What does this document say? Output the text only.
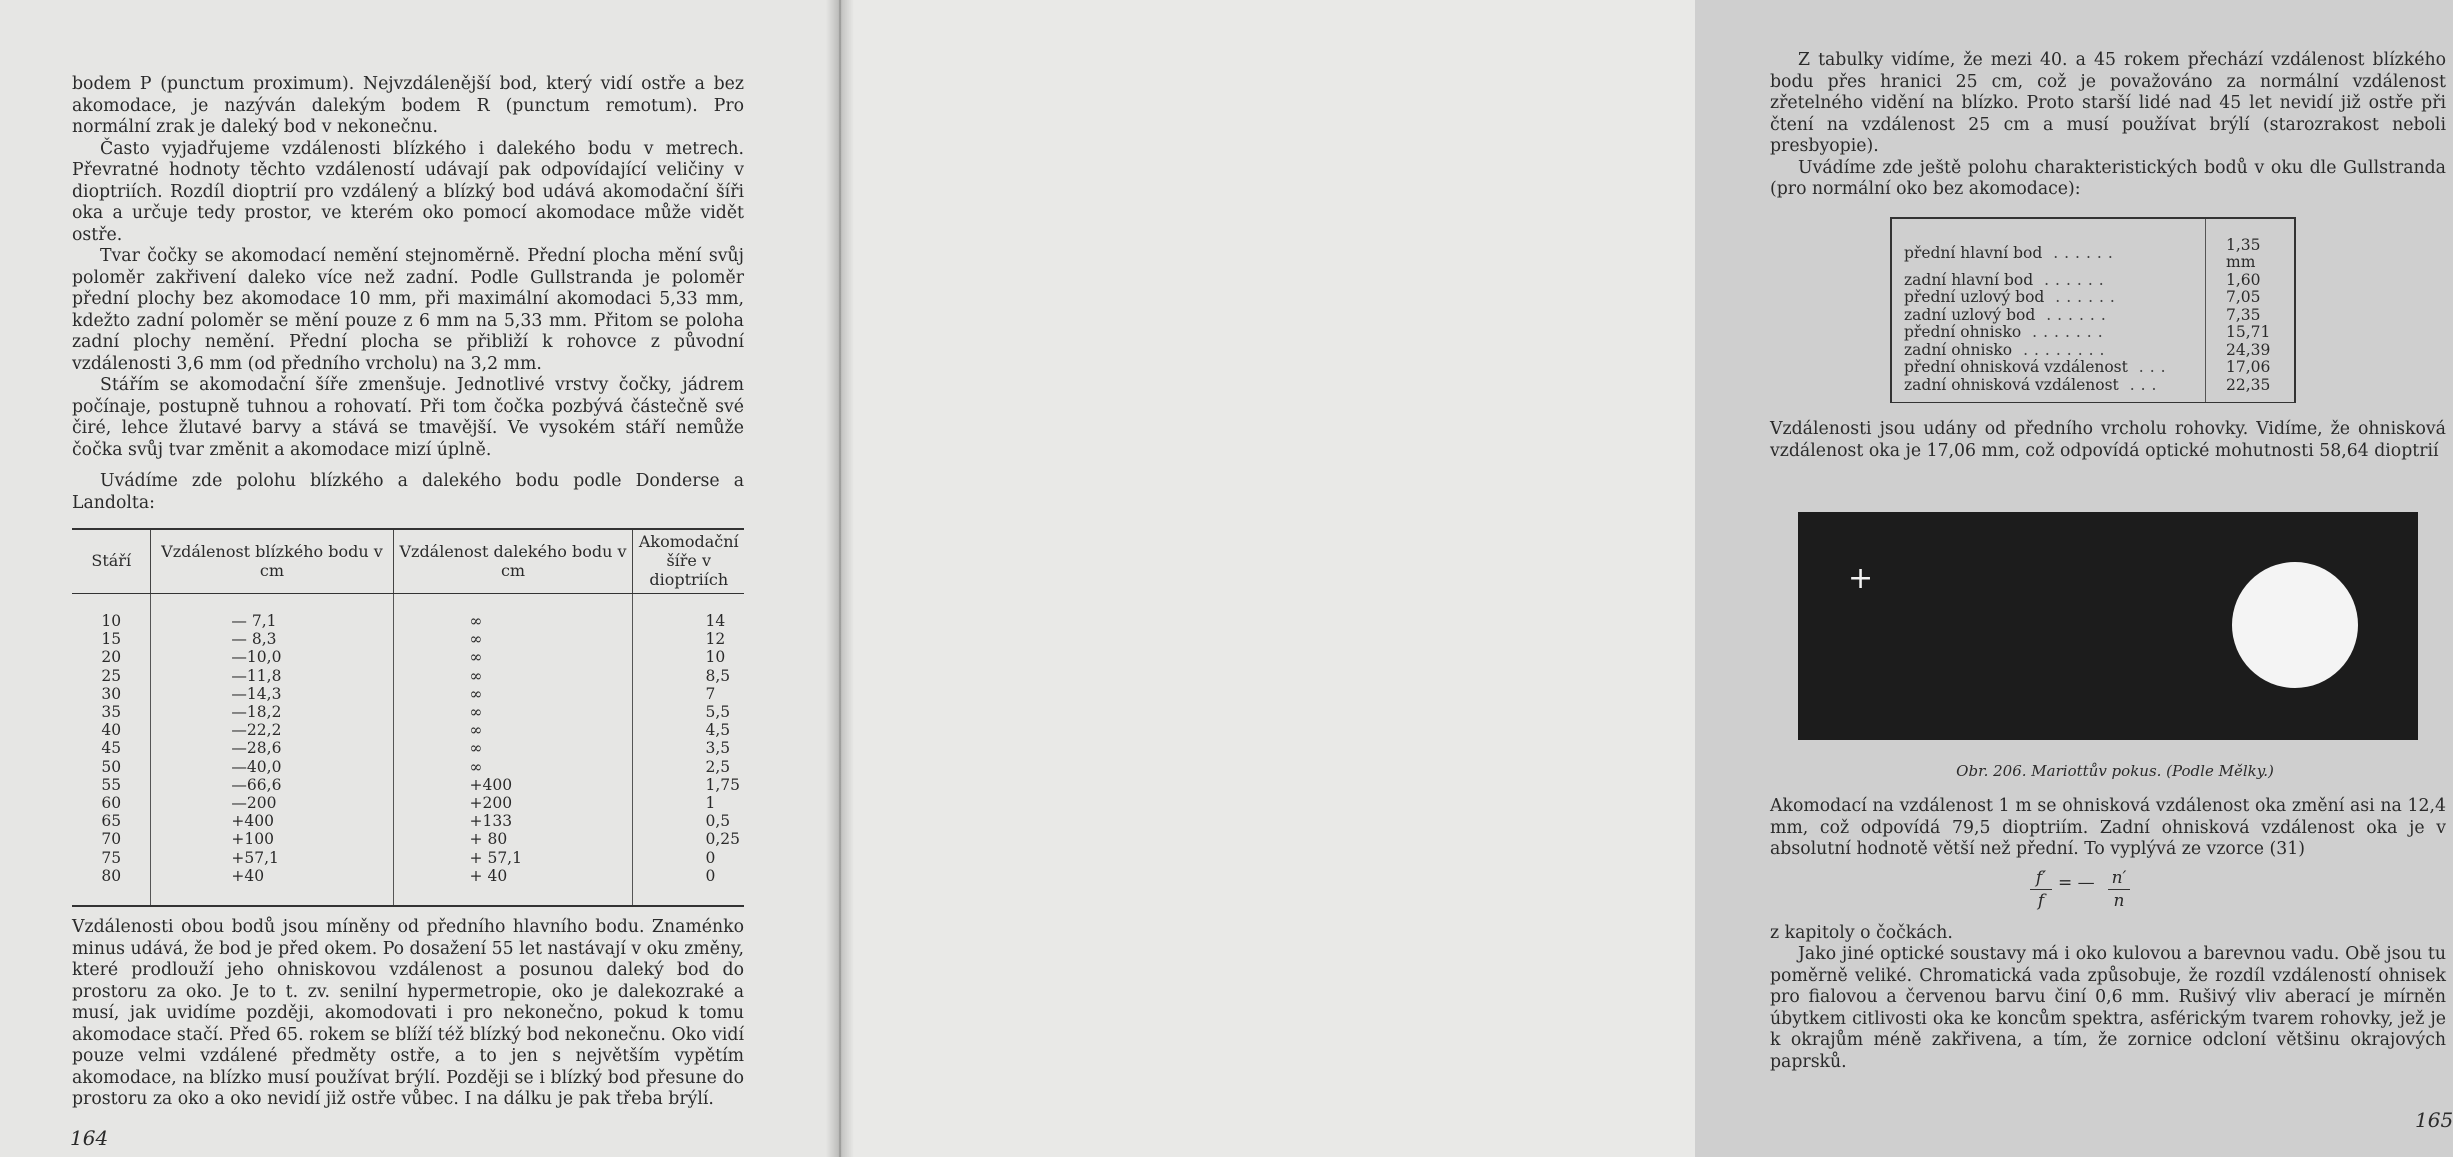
bodem P (punctum proximum). Nejvzdálenější bod, který vidí ostře a bez akomodace, je nazýván dalekým bodem R (punctum remotum). Pro normální zrak je daleký bod v nekonečnu.

Často vyjadřujeme vzdálenosti blízkého i dalekého bodu v metrech. Převratné hodnoty těchto vzdáleností udávají pak odpovídající veličiny v dioptriích. Rozdíl dioptrií pro vzdálený a blízký bod udává akomodační šíři oka a určuje tedy prostor, ve kterém oko pomocí akomodace může vidět ostře.

Tvar čočky se akomodací nemění stejnoměrně. Přední plocha mění svůj poloměr zakřivení daleko více než zadní. Podle Gullstranda je poloměr přední plochy bez akomodace 10 mm, při maximální akomodaci 5,33 mm, kdežto zadní poloměr se mění pouze z 6 mm na 5,33 mm. Přitom se poloha zadní plochy nemění. Přední plocha se přibliží k rohovce z původní vzdálenosti 3,6 mm (od předního vrcholu) na 3,2 mm.

Stářím se akomodační šíře zmenšuje. Jednotlivé vrstvy čočky, jádrem počínaje, postupně tuhnou a rohovatí. Při tom čočka pozbývá částečně své čiré, lehce žlutavé barvy a stává se tmavější. Ve vysokém stáří nemůže čočka svůj tvar změnit a akomodace mizí úplně.

Uvádíme zde polohu blízkého a dalekého bodu podle Donderse a Landolta:

Stáří	Vzdálenost blízkého bodu v cm	Vzdálenost dalekého bodu v cm	Akomodační šíře v dioptriích
10	— 7,1	∞	14
15	— 8,3	∞	12
20	—10,0	∞	10
25	—11,8	∞	8,5
30	—14,3	∞	7
35	—18,2	∞	5,5
40	—22,2	∞	4,5
45	—28,6	∞	3,5
50	—40,0	∞	2,5
55	—66,6	+400	1,75
60	—200	+200	1
65	+400	+133	0,5
70	+100	+ 80	0,25
75	+57,1	+ 57,1	0
80	+40	+ 40	0

Vzdálenosti obou bodů jsou míněny od předního hlavního bodu. Znaménko minus udává, že bod je před okem. Po dosažení 55 let nastávají v oku změny, které prodlouží jeho ohniskovou vzdálenost a posunou daleký bod do prostoru za oko. Je to t. zv. senilní hypermetropie, oko je dalekozraké a musí, jak uvidíme později, akomodovati i pro nekonečno, pokud k tomu akomodace stačí. Před 65. rokem se blíží též blízký bod nekonečnu. Oko vidí pouze velmi vzdálené předměty ostře, a to jen s největším vypětím akomodace, na blízko musí používat brýlí. Později se i blízký bod přesune do prostoru za oko a oko nevidí již ostře vůbec. I na dálku je pak třeba brýlí.

164

Z tabulky vidíme, že mezi 40. a 45 rokem přechází vzdálenost blízkého bodu přes hranici 25 cm, což je považováno za normální vzdálenost zřetelného vidění na blízko. Proto starší lidé nad 45 let nevidí již ostře při čtení na vzdálenost 25 cm a musí používat brýlí (starozrakost neboli presbyopie).

Uvádíme zde ještě polohu charakteristických bodů v oku dle Gullstranda (pro normální oko bez akomodace):

přední hlavní bod ......	1,35 mm
zadní hlavní bod ......	1,60
přední uzlový bod ......	7,05
zadní uzlový bod ......	7,35
přední ohnisko .......	15,71
zadní ohnisko ........	24,39
přední ohnisková vzdálenost ...	17,06
zadní ohnisková vzdálenost ...	22,35

Vzdálenosti jsou udány od předního vrcholu rohovky. Vidíme, že ohnisková vzdálenost oka je 17,06 mm, což odpovídá optické mohutnosti 58,64 dioptrií

+
Obr. 206. Mariottův pokus. (Podle Mělky.)

Akomodací na vzdálenost 1 m se ohnisková vzdálenost oka změní asi na 12,4 mm, což odpovídá 79,5 dioptriím. Zadní ohnisková vzdálenost oka je v absolutní hodnotě větší než přední. To vyplývá ze vzorce (31)

$\frac{f'}{f}$ = — $\frac{n'}{n}$

z kapitoly o čočkách.

Jako jiné optické soustavy má i oko kulovou a barevnou vadu. Obě jsou tu poměrně veliké. Chromatická vada způsobuje, že rozdíl vzdáleností ohnisek pro fialovou a červenou barvu činí 0,6 mm. Rušivý vliv aberací je mírněn úbytkem citlivosti oka ke koncům spektra, asférickým tvarem rohovky, jež je k okrajům méně zakřivena, a tím, že zornice odcloní většinu okrajových paprsků.

165
